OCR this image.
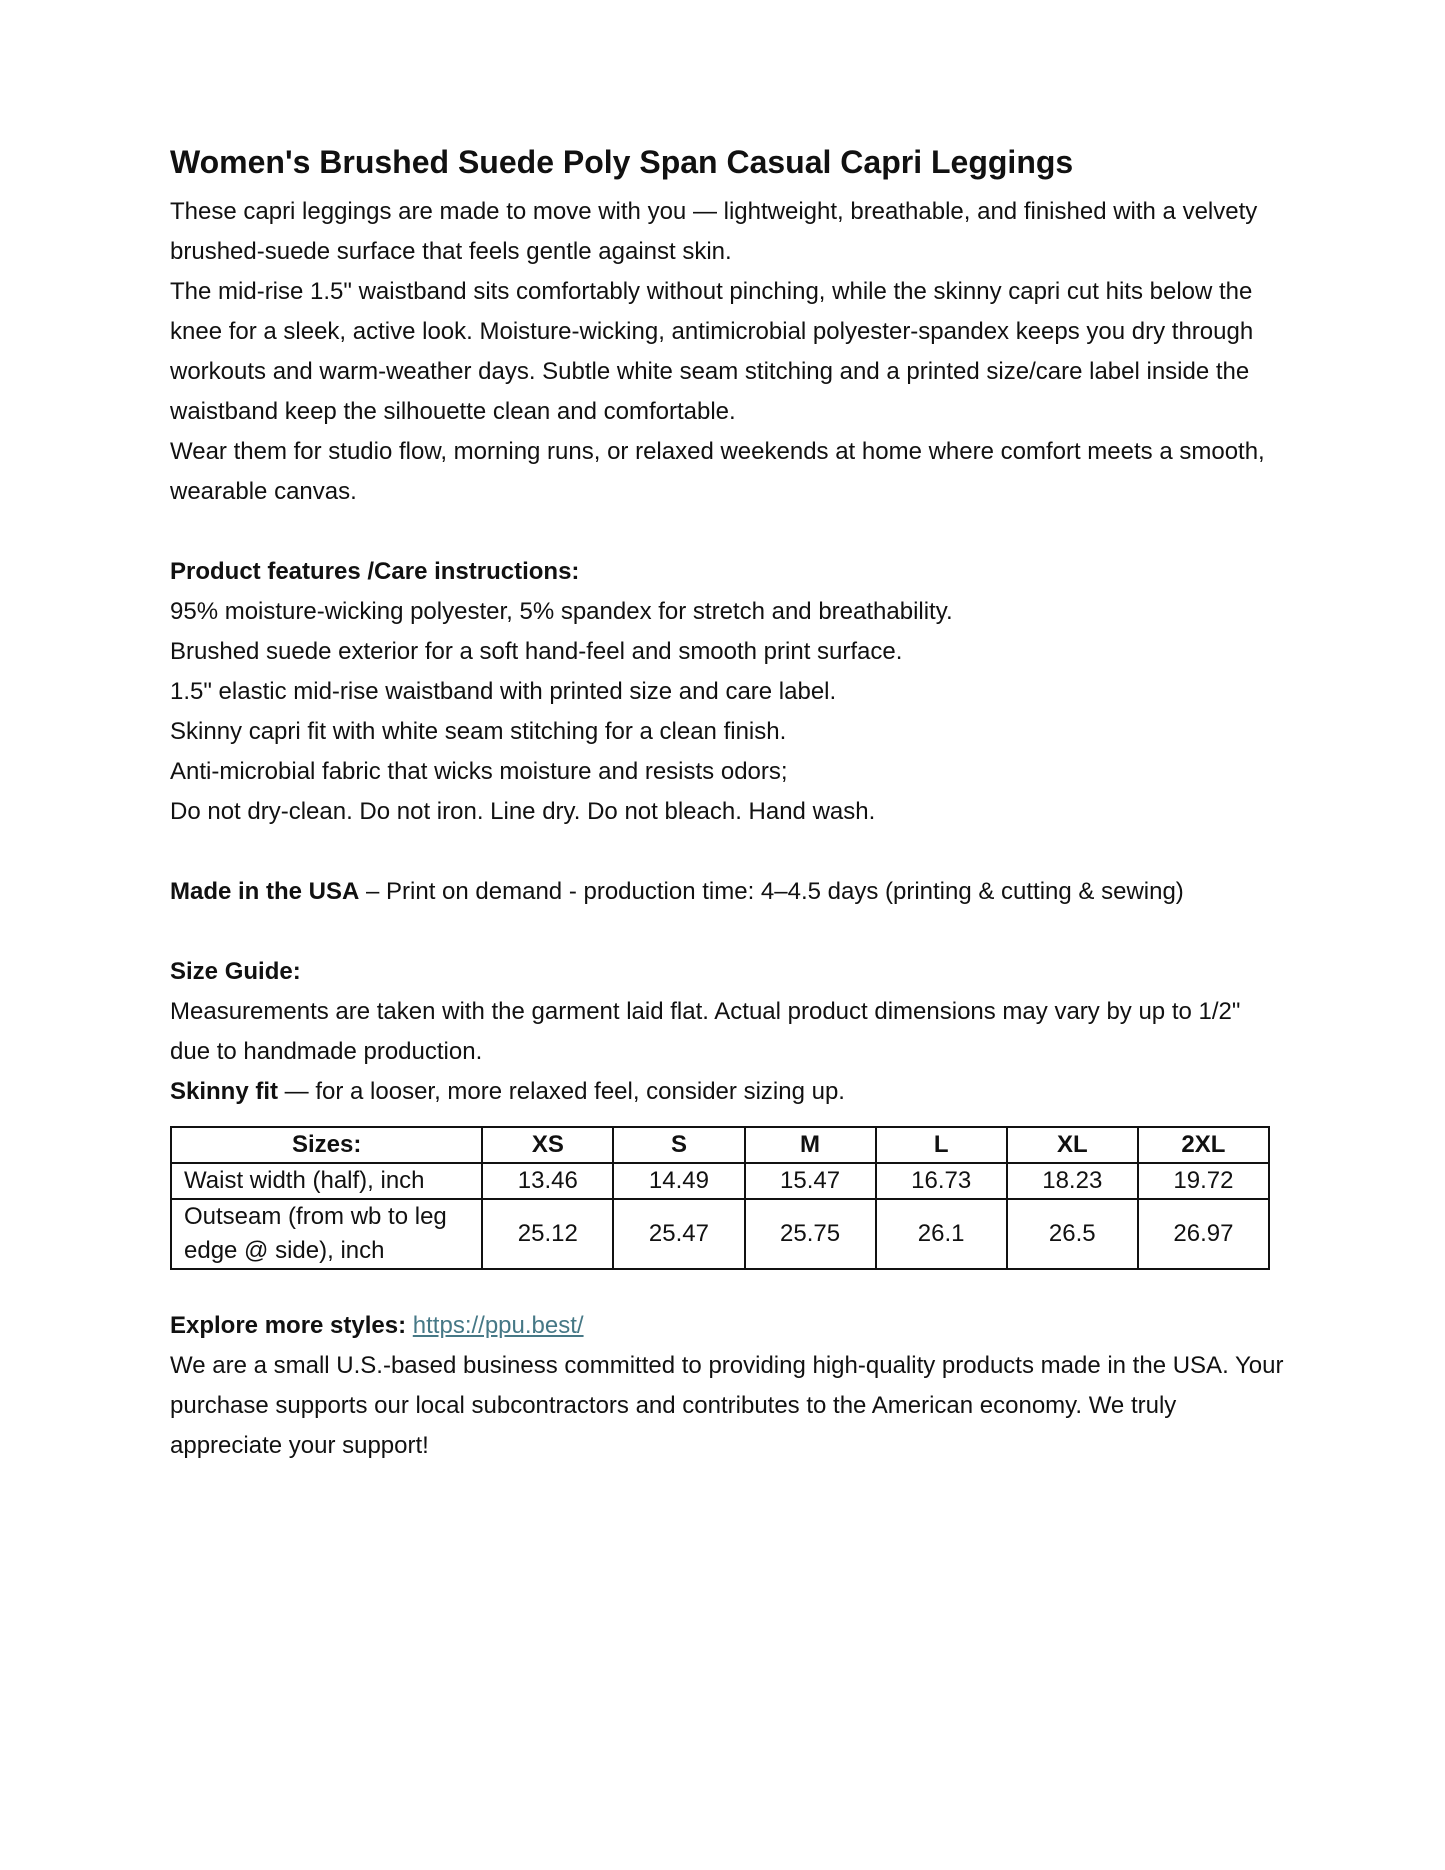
Women's Brushed Suede Poly Span Casual Capri Leggings

These capri leggings are made to move with you — lightweight, breathable, and finished with a velvety brushed-suede surface that feels gentle against skin.

The mid-rise 1.5" waistband sits comfortably without pinching, while the skinny capri cut hits below the knee for a sleek, active look. Moisture-wicking, antimicrobial polyester-spandex keeps you dry through workouts and warm-weather days. Subtle white seam stitching and a printed size/care label inside the waistband keep the silhouette clean and comfortable.

Wear them for studio flow, morning runs, or relaxed weekends at home where comfort meets a smooth, wearable canvas.

Product features /Care instructions:

95% moisture-wicking polyester, 5% spandex for stretch and breathability.

Brushed suede exterior for a soft hand-feel and smooth print surface.

1.5" elastic mid-rise waistband with printed size and care label.

Skinny capri fit with white seam stitching for a clean finish.

Anti-microbial fabric that wicks moisture and resists odors;

Do not dry-clean. Do not iron. Line dry. Do not bleach. Hand wash.

Made in the USA – Print on demand - production time: 4–4.5 days (printing & cutting & sewing)

Size Guide:

Measurements are taken with the garment laid flat. Actual product dimensions may vary by up to 1/2" due to handmade production.

Skinny fit — for a looser, more relaxed feel, consider sizing up.

Sizes:	XS	S	M	L	XL	2XL
Waist width (half), inch	13.46	14.49	15.47	16.73	18.23	19.72
Outseam (from wb to leg edge @ side), inch	25.12	25.47	25.75	26.1	26.5	26.97

Explore more styles: https://ppu.best/

We are a small U.S.-based business committed to providing high-quality products made in the USA. Your purchase supports our local subcontractors and contributes to the American economy. We truly appreciate your support!
